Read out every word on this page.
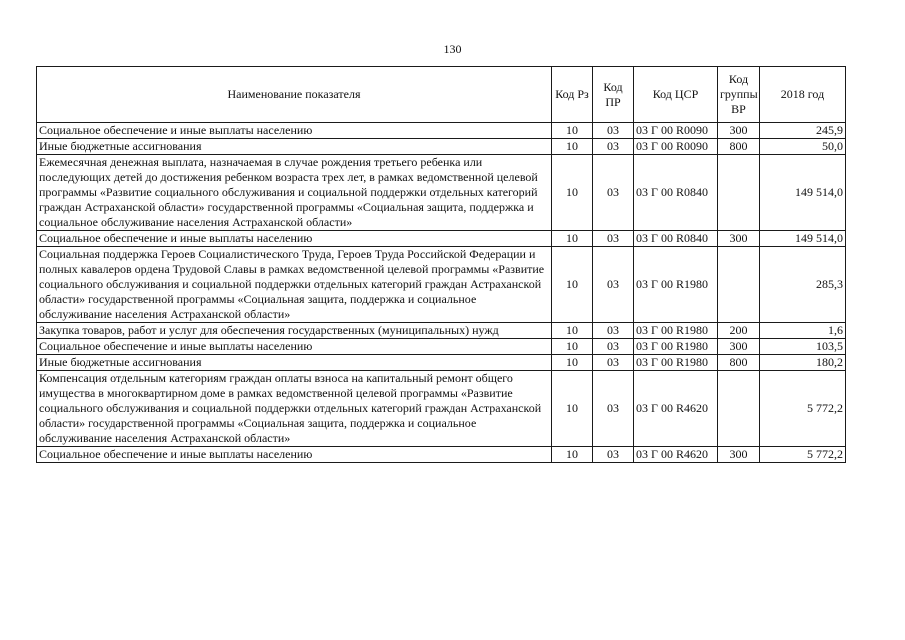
130
Наименование показателя	Код Рз	Код ПР	Код ЦСР	Код группы ВР	2018 год
Социальное обеспечение и иные выплаты населению	10	03	03 Г 00 R0090	300	245,9
Иные бюджетные ассигнования	10	03	03 Г 00 R0090	800	50,0
Ежемесячная денежная выплата, назначаемая в случае рождения третьего ребенка или последующих детей до достижения ребенком возраста трех лет, в рамках ведомственной целевой программы «Развитие социального обслуживания и социальной поддержки отдельных категорий граждан Астраханской области» государственной программы «Социальная защита, поддержка и социальное обслуживание населения Астраханской области»	10	03	03 Г 00 R0840		149 514,0
Социальное обеспечение и иные выплаты населению	10	03	03 Г 00 R0840	300	149 514,0
Социальная поддержка Героев Социалистического Труда, Героев Труда Российской Федерации и полных кавалеров ордена Трудовой Славы в рамках ведомственной целевой программы «Развитие социального обслуживания и социальной поддержки отдельных категорий граждан Астраханской области» государственной программы «Социальная защита, поддержка и социальное обслуживание населения Астраханской области»	10	03	03 Г 00 R1980		285,3
Закупка товаров, работ и услуг для обеспечения государственных (муниципальных) нужд	10	03	03 Г 00 R1980	200	1,6
Социальное обеспечение и иные выплаты населению	10	03	03 Г 00 R1980	300	103,5
Иные бюджетные ассигнования	10	03	03 Г 00 R1980	800	180,2
Компенсация отдельным категориям граждан оплаты взноса на капитальный ремонт общего имущества в многоквартирном доме в рамках ведомственной целевой программы «Развитие социального обслуживания и социальной поддержки отдельных категорий граждан Астраханской области» государственной программы «Социальная защита, поддержка и социальное обслуживание населения Астраханской области»	10	03	03 Г 00 R4620		5 772,2
Социальное обеспечение и иные выплаты населению	10	03	03 Г 00 R4620	300	5 772,2
